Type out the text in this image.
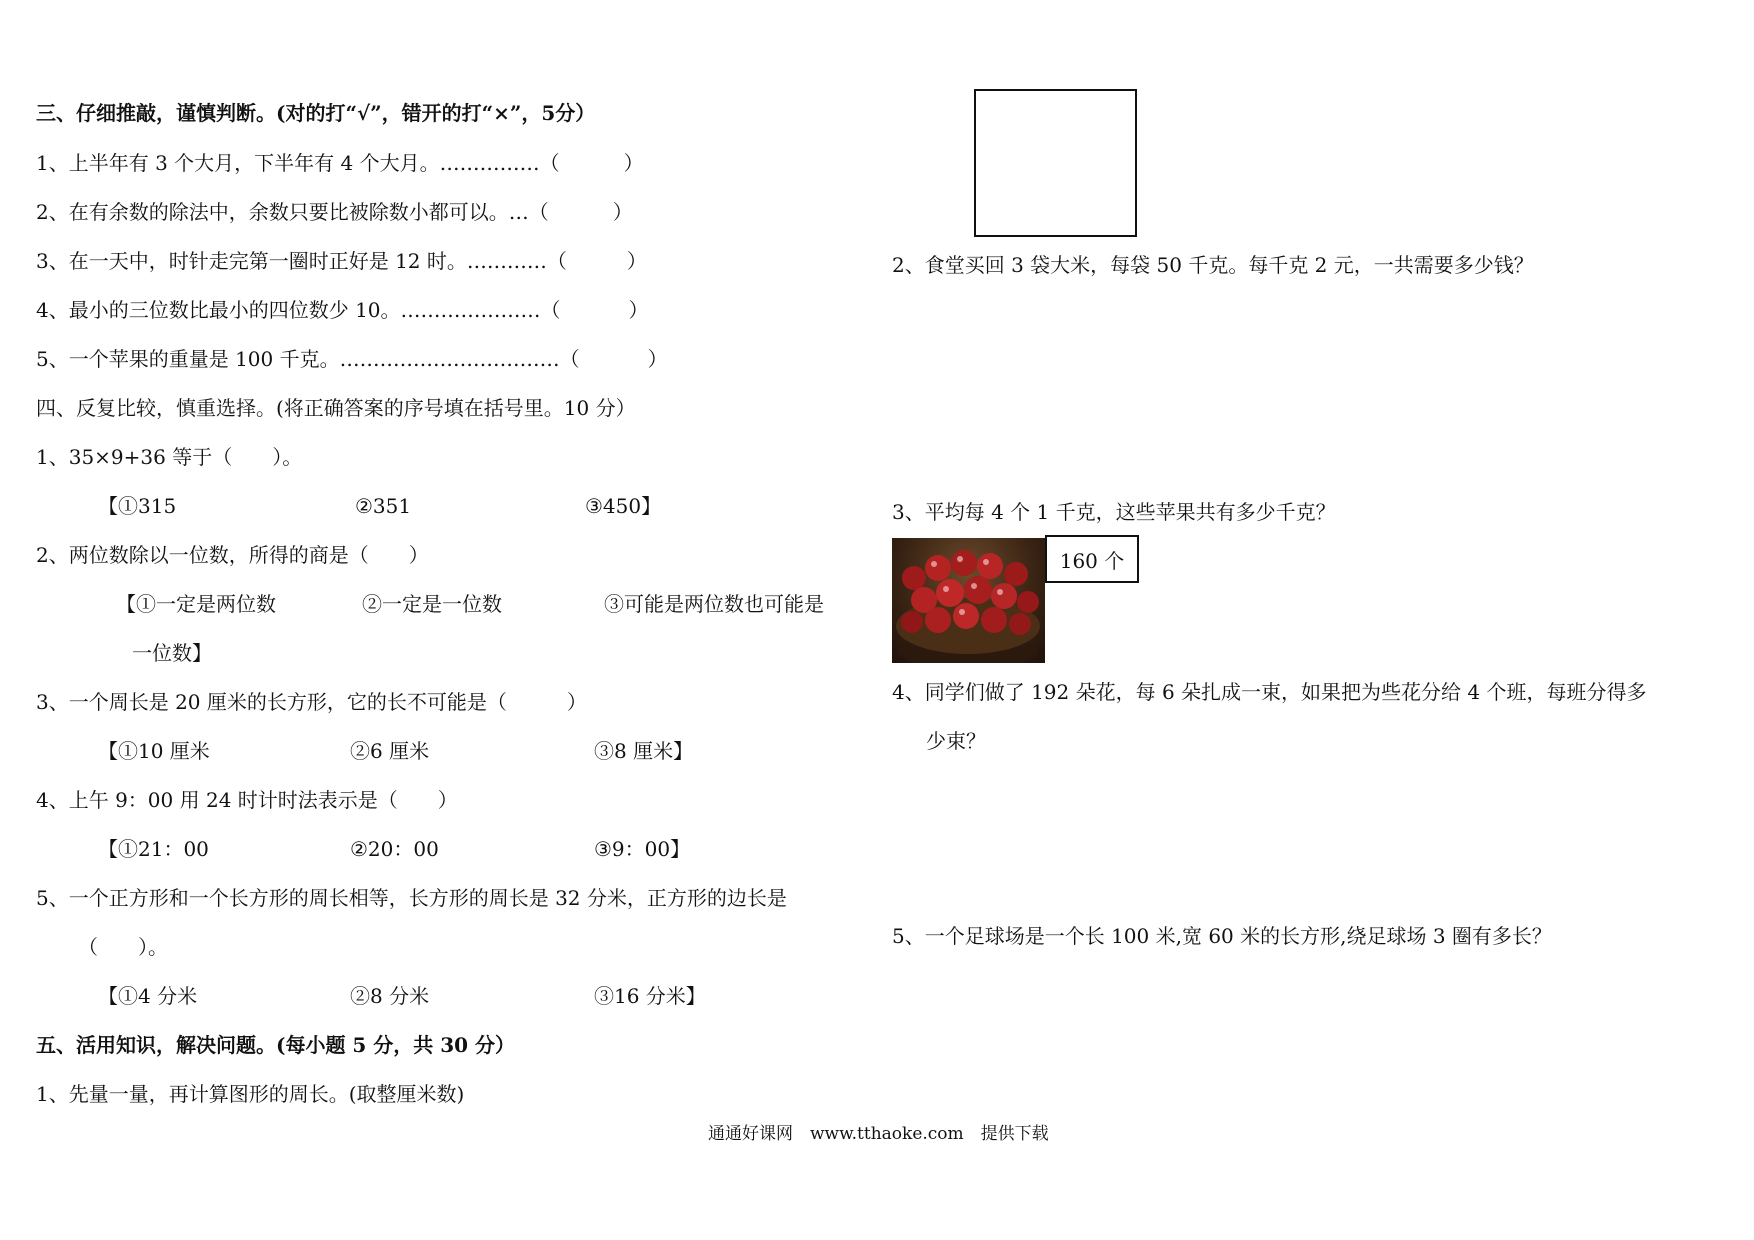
三、仔细推敲，谨慎判断。(对的打“√”，错开的打“×”，5分）
1、上半年有 3 个大月，下半年有 4 个大月。……………（	）
2、在有余数的除法中，余数只要比被除数小都可以。…（	）
3、在一天中，时针走完第一圈时正好是 12 时。…………（	）
4、最小的三位数比最小的四位数少 10。…………………（	）
5、一个苹果的重量是 100 千克。……………………………（	）
四、反复比较，慎重选择。(将正确答案的序号填在括号里。10 分）
1、35×9+36 等于（　　）。
【①315	②351	③450】
2、两位数除以一位数，所得的商是（　　）
【①一定是两位数	②一定是一位数	③可能是两位数也可能是
一位数】
3、一个周长是 20 厘米的长方形，它的长不可能是（　　　）
【①10 厘米	②6 厘米	③8 厘米】
4、上午 9：00 用 24 时计时法表示是（　　）
【①21：00	②20：00	③9：00】
5、一个正方形和一个长方形的周长相等，长方形的周长是 32 分米，正方形的边长是
（　　）。
【①4 分米	②8 分米	③16 分米】
五、活用知识，解决问题。(每小题 5 分，共 30 分）
1、先量一量，再计算图形的周长。(取整厘米数)
2、食堂买回 3 袋大米，每袋 50 千克。每千克 2 元，一共需要多少钱？
3、平均每 4 个 1 千克，这些苹果共有多少千克？
160 个
4、同学们做了 192 朵花，每 6 朵扎成一束，如果把为些花分给 4 个班，每班分得多
少束？
5、一个足球场是一个长 100 米,宽 60 米的长方形,绕足球场 3 圈有多长？
通通好课网　www.tthaoke.com　提供下载
